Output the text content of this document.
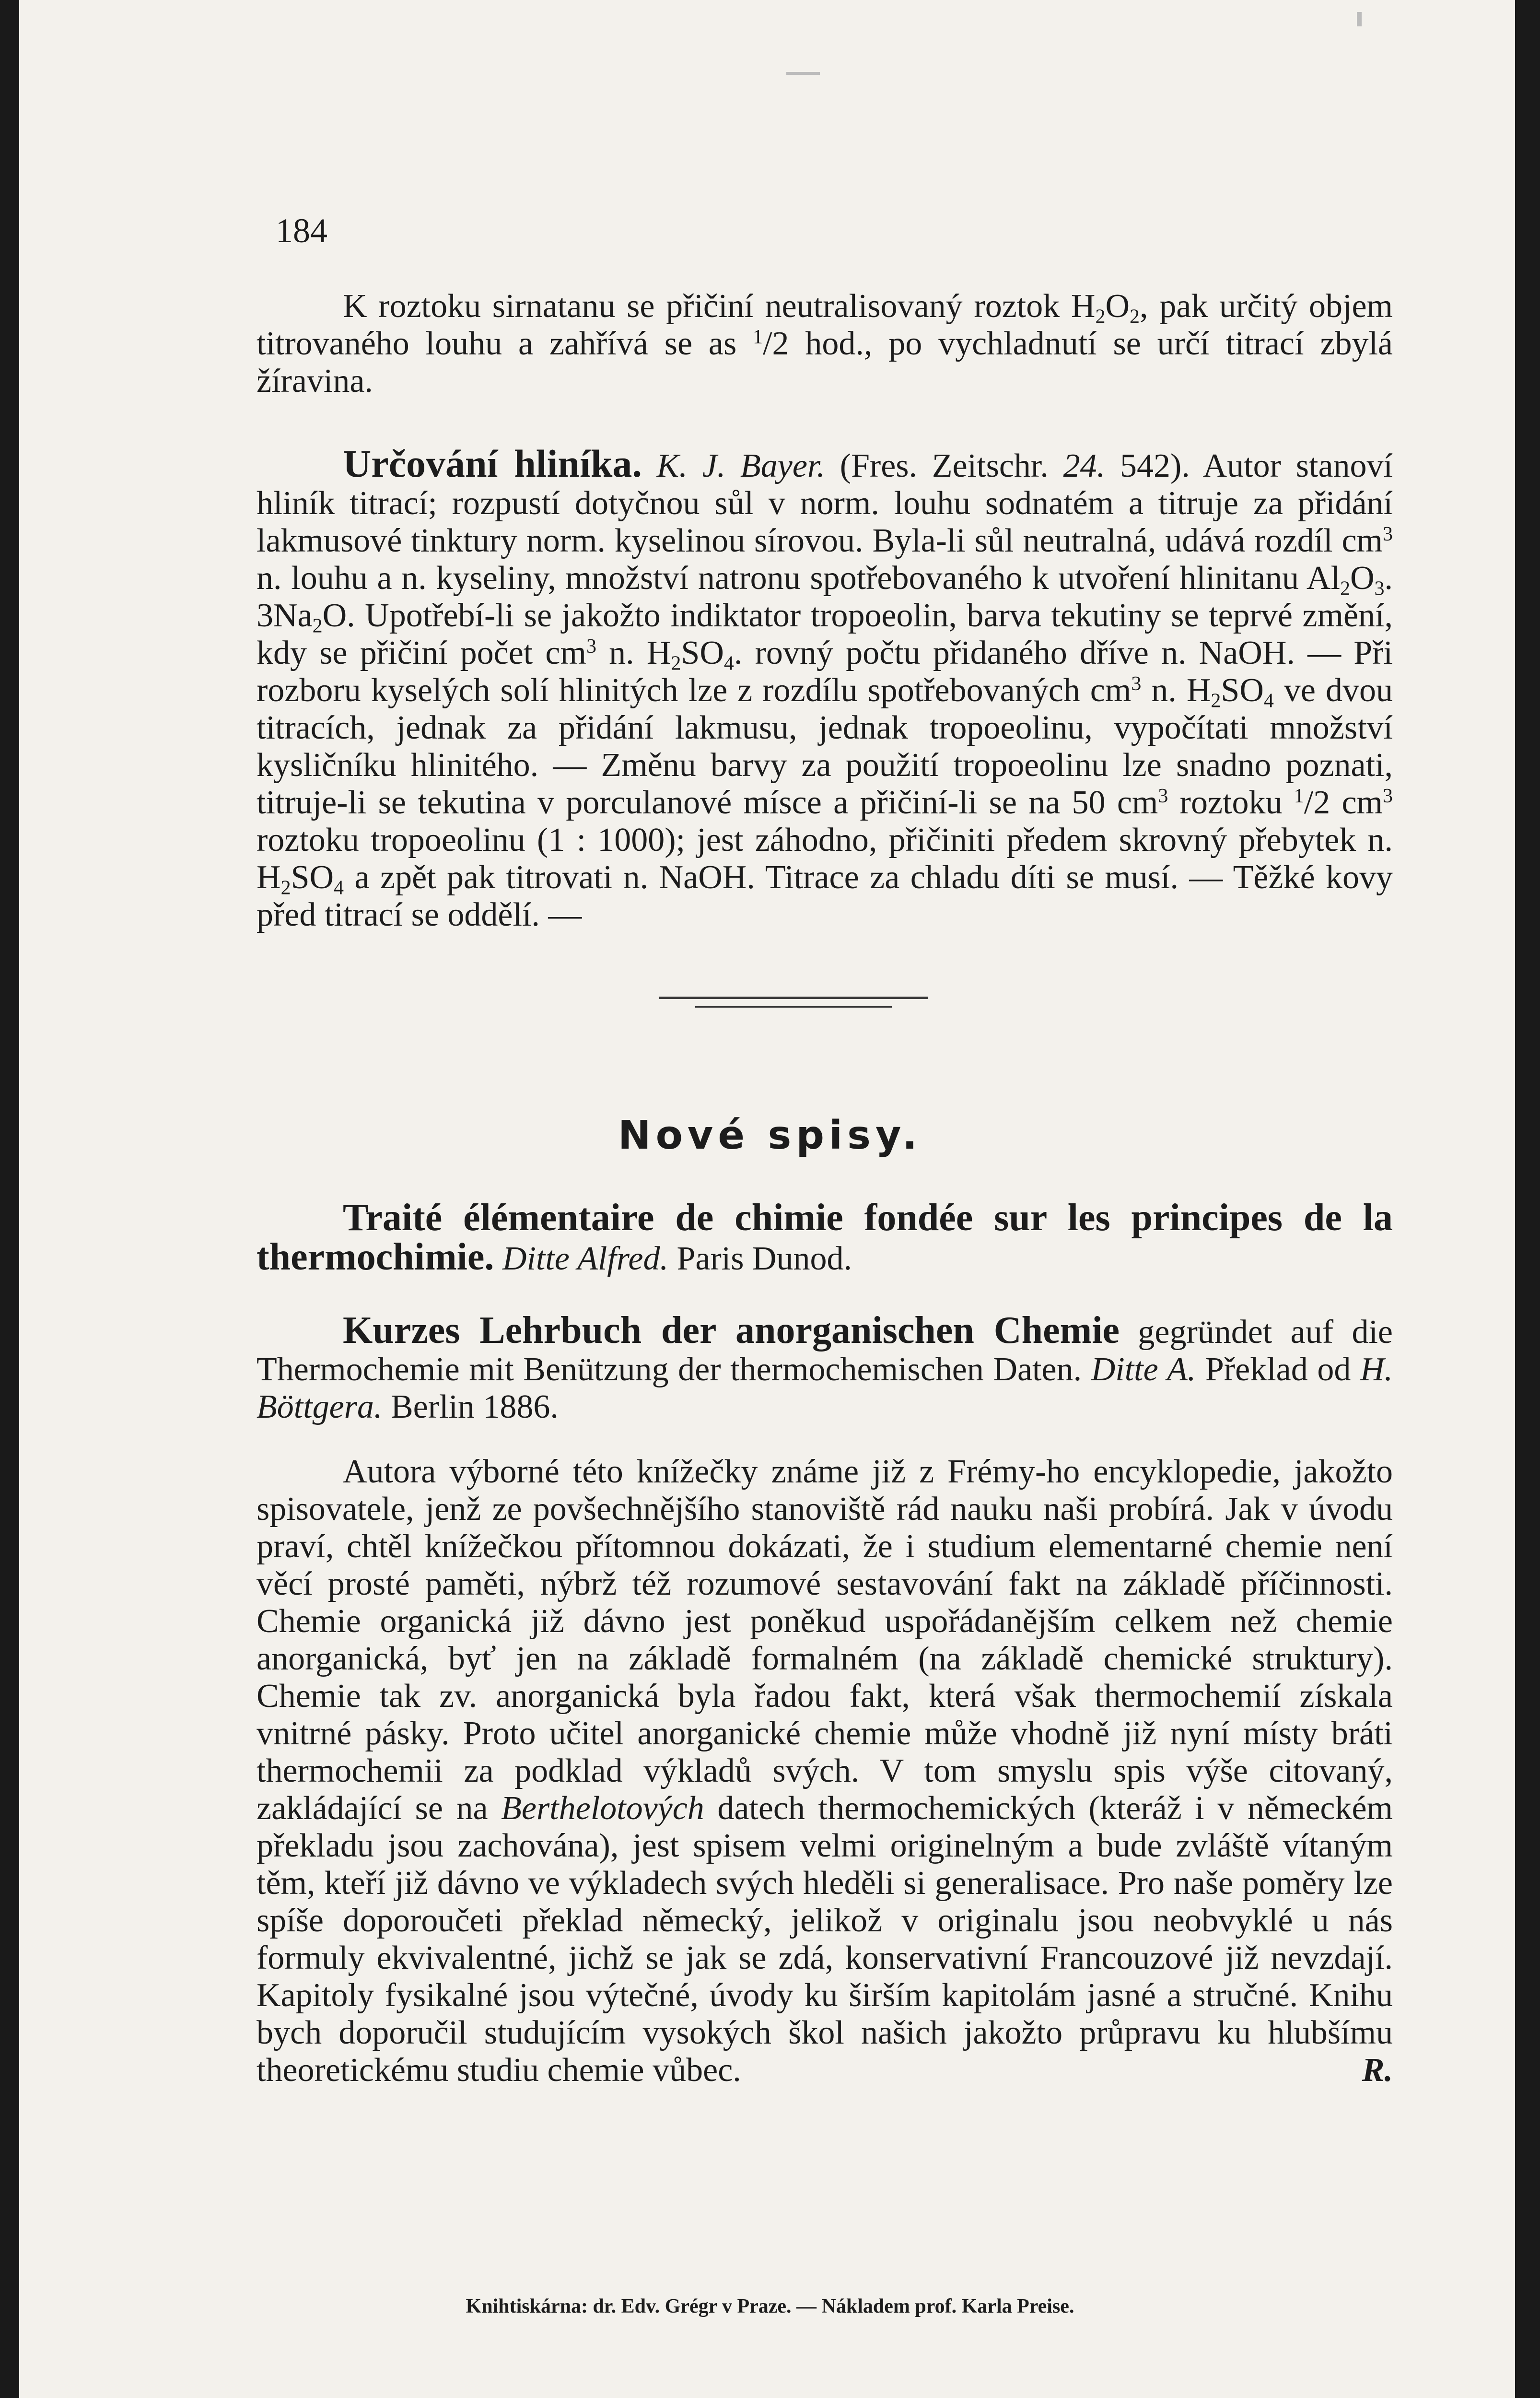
184

K roztoku sirnatanu se přičiní neutralisovaný roztok $H_2O_2$, pak určitý objem titrovaného louhu a zahřívá se as $^1$/2 hod., po vychladnutí se určí titrací zbylá žíravina.

Určování hliníka. K. J. Bayer. (Fres. Zeitschr. 24. 542). Autor stanoví hliník titrací; rozpustí dotyčnou sůl v norm. louhu sodnatém a titruje za přidání lakmusové tinktury norm. kyselinou sírovou. Byla-li sůl neutralná, udává rozdíl $cm^3$ n. louhu a n. kyseliny, množství natronu spotřebovaného k utvoření hlinitanu $Al_2O_3$. $3Na_2O$. Upotřebí-li se jakožto indiktator tropoeolin, barva tekutiny se teprvé změní, kdy se přičiní počet $cm^3$ n. $H_2SO_4$. rovný počtu přidaného dříve n. NaOH. — Při rozboru kyselých solí hlinitých lze z rozdílu spotřebovaných $cm^3$ n. $H_2SO_4$ ve dvou titracích, jednak za přidání lakmusu, jednak tropoeolinu, vypočítati množství kysličníku hlinitého. — Změnu barvy za použití tropoeolinu lze snadno poznati, titruje-li se tekutina v porculanové mísce a přičiní-li se na 50 $cm^3$ roztoku $^1$/2 $cm^3$ roztoku tropoeolinu (1 : 1000); jest záhodno, přičiniti předem skrovný přebytek n. $H_2SO_4$ a zpět pak titrovati n. NaOH. Titrace za chladu díti se musí. — Těžké kovy před titrací se oddělí. —

Nové spisy.

Traité élémentaire de chimie fondée sur les principes de la thermochimie. Ditte Alfred. Paris Dunod.

Kurzes Lehrbuch der anorganischen Chemie gegründet auf die Thermochemie mit Benützung der thermochemischen Daten. Ditte A. Překlad od H. Böttgera. Berlin 1886.

Autora výborné této knížečky známe již z Frémy-ho encyklopedie, jakožto spisovatele, jenž ze povšechnějšího stanoviště rád nauku naši probírá. Jak v úvodu praví, chtěl knížečkou přítomnou dokázati, že i studium elementarné chemie není věcí prosté paměti, nýbrž též rozumové sestavování fakt na základě příčinnosti. Chemie organická již dávno jest poněkud uspořádanějším celkem než chemie anorganická, byť jen na základě formalném (na základě chemické struktury). Chemie tak zv. anorganická byla řadou fakt, která však thermochemií získala vnitrné pásky. Proto učitel anorganické chemie může vhodně již nyní místy bráti thermochemii za podklad výkladů svých. V tom smyslu spis výše citovaný, zakládající se na Berthelotových datech thermochemických (kteráž i v německém překladu jsou zachována), jest spisem velmi originelným a bude zvláště vítaným těm, kteří již dávno ve výkladech svých hleděli si generalisace. Pro naše poměry lze spíše doporoučeti překlad německý, jelikož v originalu jsou neobvyklé u nás formuly ekvivalentné, jichž se jak se zdá, konservativní Francouzové již nevzdají. Kapitoly fysikalné jsou výtečné, úvody ku širším kapitolám jasné a stručné. Knihu bych doporučil studujícím vysokých škol našich jakožto průpravu ku hlubšímu theoretickému studiu chemie vůbec.	R.

Knihtiskárna: dr. Edv. Grégr v Praze. — Nákladem prof. Karla Preise.
